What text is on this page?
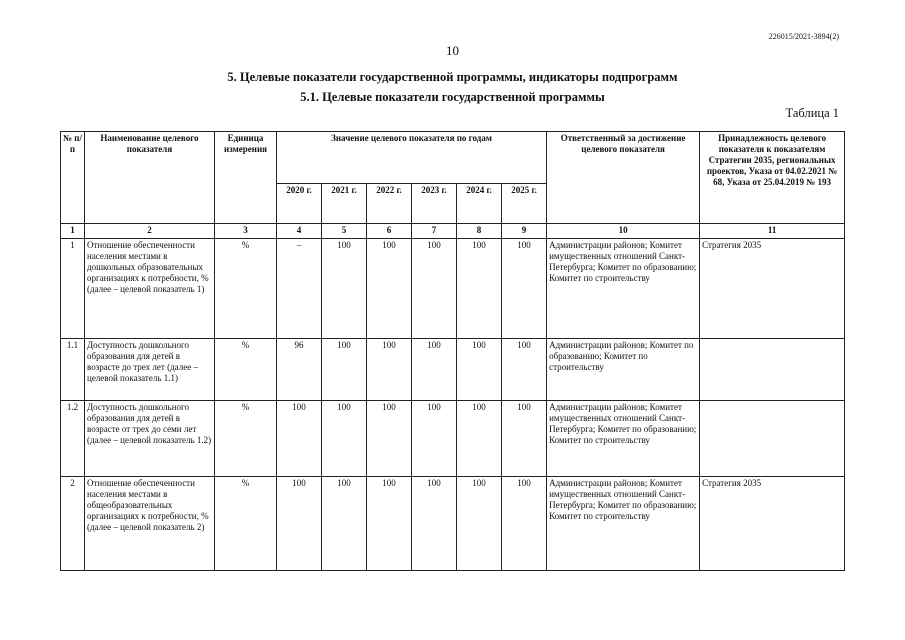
226015/2021-3894(2)
10
5. Целевые показатели государственной программы, индикаторы подпрограмм
5.1. Целевые показатели государственной программы
Таблица 1
№ п/п	Наименование целевого показателя	Единица измерения	Значение целевого показателя по годам						Ответственный за достижение целевого показателя	Принадлежность целевого показателя к показателям Стратегии 2035, региональных проектов, Указа от 04.02.2021 № 68, Указа от 25.04.2019 № 193
			2020 г.	2021 г.	2022 г.	2023 г.	2024 г.	2025 г.		
1	2	3	4	5	6	7	8	9	10	11
1	Отношение обеспеченности населения местами в дошкольных образовательных организациях к потребности, % (далее – целевой показатель 1)	%	–	100	100	100	100	100	Администрации районов; Комитет имущественных отношений Санкт-Петербурга; Комитет по образованию; Комитет по строительству	Стратегия 2035
1.1	Доступность дошкольного образования для детей в возрасте до трех лет (далее – целевой показатель 1.1)	%	96	100	100	100	100	100	Администрации районов; Комитет по образованию; Комитет по строительству	
1.2	Доступность дошкольного образования для детей в возрасте от трех до семи лет (далее – целевой показатель 1.2)	%	100	100	100	100	100	100	Администрации районов; Комитет имущественных отношений Санкт-Петербурга; Комитет по образованию; Комитет по строительству	
2	Отношение обеспеченности населения местами в общеобразовательных организациях к потребности, % (далее – целевой показатель 2)	%	100	100	100	100	100	100	Администрации районов; Комитет имущественных отношений Санкт-Петербурга; Комитет по образованию; Комитет по строительству	Стратегия 2035
